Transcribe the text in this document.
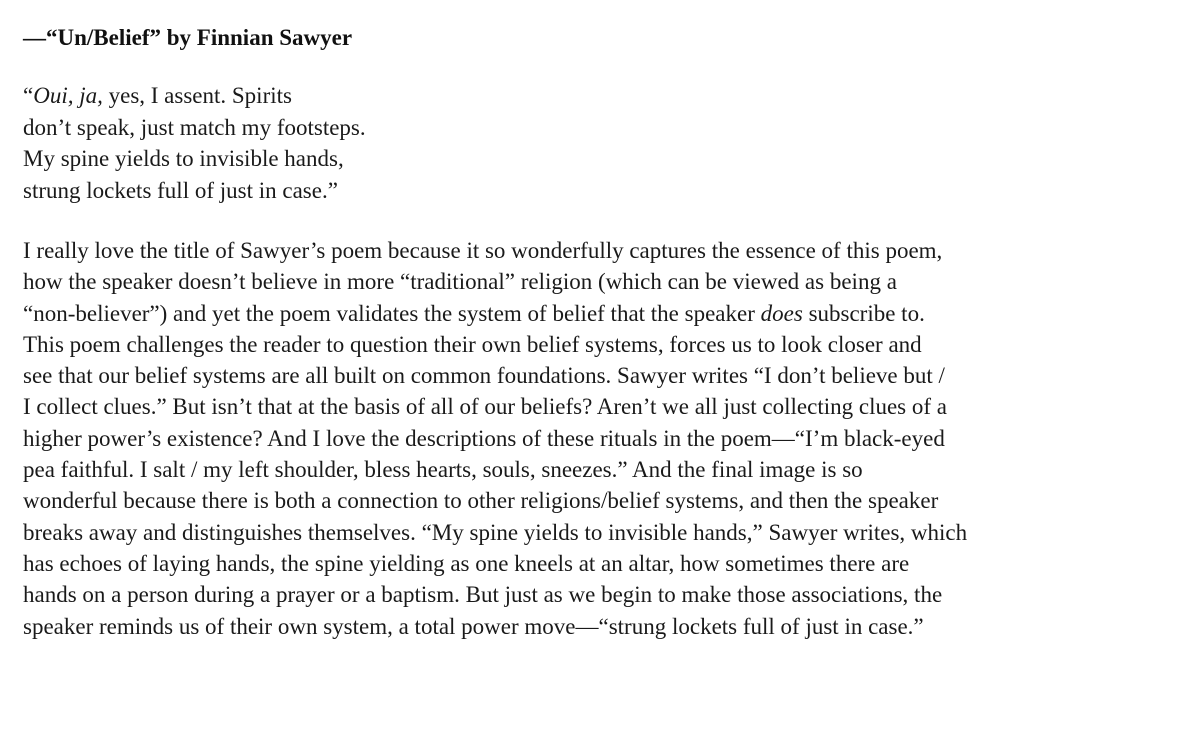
—“Un/Belief” by Finnian Sawyer
“Oui, ja, yes, I assent. Spirits
don’t speak, just match my footsteps.
My spine yields to invisible hands,
strung lockets full of just in case.”
I really love the title of Sawyer’s poem because it so wonderfully captures the essence of this poem,
how the speaker doesn’t believe in more “traditional” religion (which can be viewed as being a
“non-believer”) and yet the poem validates the system of belief that the speaker does subscribe to.
This poem challenges the reader to question their own belief systems, forces us to look closer and
see that our belief systems are all built on common foundations. Sawyer writes “I don’t believe but /
I collect clues.” But isn’t that at the basis of all of our beliefs? Aren’t we all just collecting clues of a
higher power’s existence? And I love the descriptions of these rituals in the poem—“I’m black-eyed
pea faithful. I salt / my left shoulder, bless hearts, souls, sneezes.” And the final image is so
wonderful because there is both a connection to other religions/belief systems, and then the speaker
breaks away and distinguishes themselves. “My spine yields to invisible hands,” Sawyer writes, which
has echoes of laying hands, the spine yielding as one kneels at an altar, how sometimes there are
hands on a person during a prayer or a baptism. But just as we begin to make those associations, the
speaker reminds us of their own system, a total power move—“strung lockets full of just in case.”
